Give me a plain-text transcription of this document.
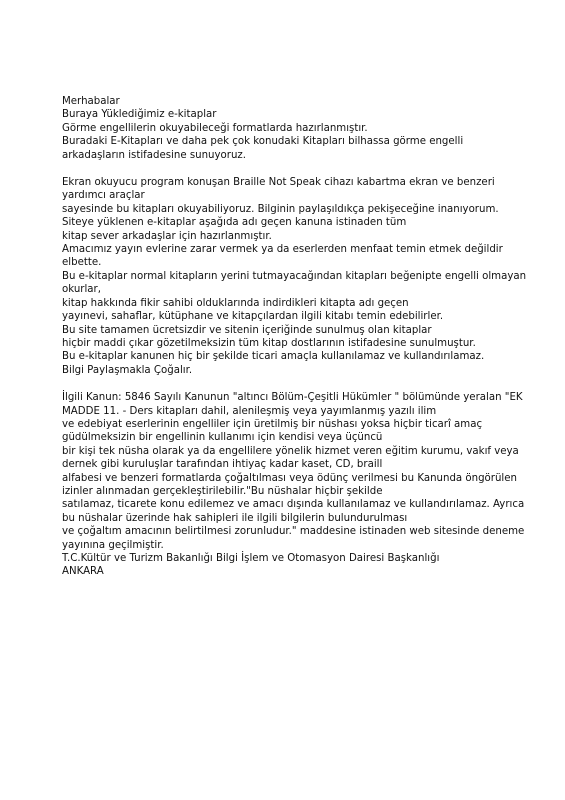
Merhabalar
Buraya Yüklediğimiz e-kitaplar
Görme engellilerin okuyabileceği formatlarda hazırlanmıştır.
Buradaki E-Kitapları ve daha pek çok konudaki Kitapları bilhassa görme engelli
arkadaşların istifadesine sunuyoruz.
Ekran okuyucu program konuşan Braille Not Speak cihazı kabartma ekran ve benzeri
yardımcı araçlar
sayesinde bu kitapları okuyabiliyoruz. Bilginin paylaşıldıkça pekişeceğine inanıyorum.
Siteye yüklenen e-kitaplar aşağıda adı geçen kanuna istinaden tüm
kitap sever arkadaşlar için hazırlanmıştır.
Amacımız yayın evlerine zarar vermek ya da eserlerden menfaat temin etmek değildir
elbette.
Bu e-kitaplar normal kitapların yerini tutmayacağından kitapları beğenipte engelli olmayan
okurlar,
kitap hakkında fikir sahibi olduklarında indirdikleri kitapta adı geçen
yayınevi, sahaflar, kütüphane ve kitapçılardan ilgili kitabı temin edebilirler.
Bu site tamamen ücretsizdir ve sitenin içeriğinde sunulmuş olan kitaplar
hiçbir maddi çıkar gözetilmeksizin tüm kitap dostlarının istifadesine sunulmuştur.
Bu e-kitaplar kanunen hiç bir şekilde ticari amaçla kullanılamaz ve kullandırılamaz.
Bilgi Paylaşmakla Çoğalır.
İlgili Kanun: 5846 Sayılı Kanunun "altıncı Bölüm-Çeşitli Hükümler " bölümünde yeralan "EK
MADDE 11. - Ders kitapları dahil, alenileşmiş veya yayımlanmış yazılı ilim
ve edebiyat eserlerinin engelliler için üretilmiş bir nüshası yoksa hiçbir ticarî amaç
güdülmeksizin bir engellinin kullanımı için kendisi veya üçüncü
bir kişi tek nüsha olarak ya da engellilere yönelik hizmet veren eğitim kurumu, vakıf veya
dernek gibi kuruluşlar tarafından ihtiyaç kadar kaset, CD, braill
alfabesi ve benzeri formatlarda çoğaltılması veya ödünç verilmesi bu Kanunda öngörülen
izinler alınmadan gerçekleştirilebilir."Bu nüshalar hiçbir şekilde
satılamaz, ticarete konu edilemez ve amacı dışında kullanılamaz ve kullandırılamaz. Ayrıca
bu nüshalar üzerinde hak sahipleri ile ilgili bilgilerin bulundurulması
ve çoğaltım amacının belirtilmesi zorunludur." maddesine istinaden web sitesinde deneme
yayınına geçilmiştir.
T.C.Kültür ve Turizm Bakanlığı Bilgi İşlem ve Otomasyon Dairesi Başkanlığı
ANKARA
